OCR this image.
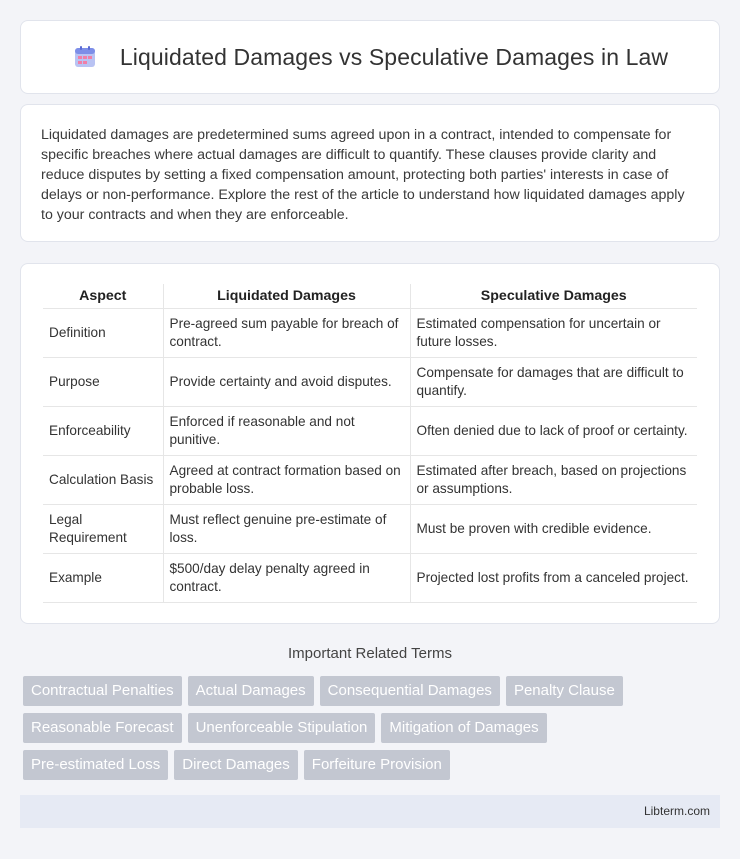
Liquidated Damages vs Speculative Damages in Law

Liquidated damages are predetermined sums agreed upon in a contract, intended to compensate for specific breaches where actual damages are difficult to quantify. These clauses provide clarity and reduce disputes by setting a fixed compensation amount, protecting both parties' interests in case of delays or non-performance. Explore the rest of the article to understand how liquidated damages apply to your contracts and when they are enforceable.

Aspect	Liquidated Damages	Speculative Damages
Definition	Pre-agreed sum payable for breach of contract.	Estimated compensation for uncertain or future losses.
Purpose	Provide certainty and avoid disputes.	Compensate for damages that are difficult to quantify.
Enforceability	Enforced if reasonable and not punitive.	Often denied due to lack of proof or certainty.
Calculation Basis	Agreed at contract formation based on probable loss.	Estimated after breach, based on projections or assumptions.
Legal Requirement	Must reflect genuine pre-estimate of loss.	Must be proven with credible evidence.
Example	$500/day delay penalty agreed in contract.	Projected lost profits from a canceled project.
Important Related Terms
Contractual Penalties	Actual Damages	Consequential Damages	Penalty Clause
Reasonable Forecast	Unenforceable Stipulation	Mitigation of Damages
Pre-estimated Loss	Direct Damages	Forfeiture Provision
Libterm.com
